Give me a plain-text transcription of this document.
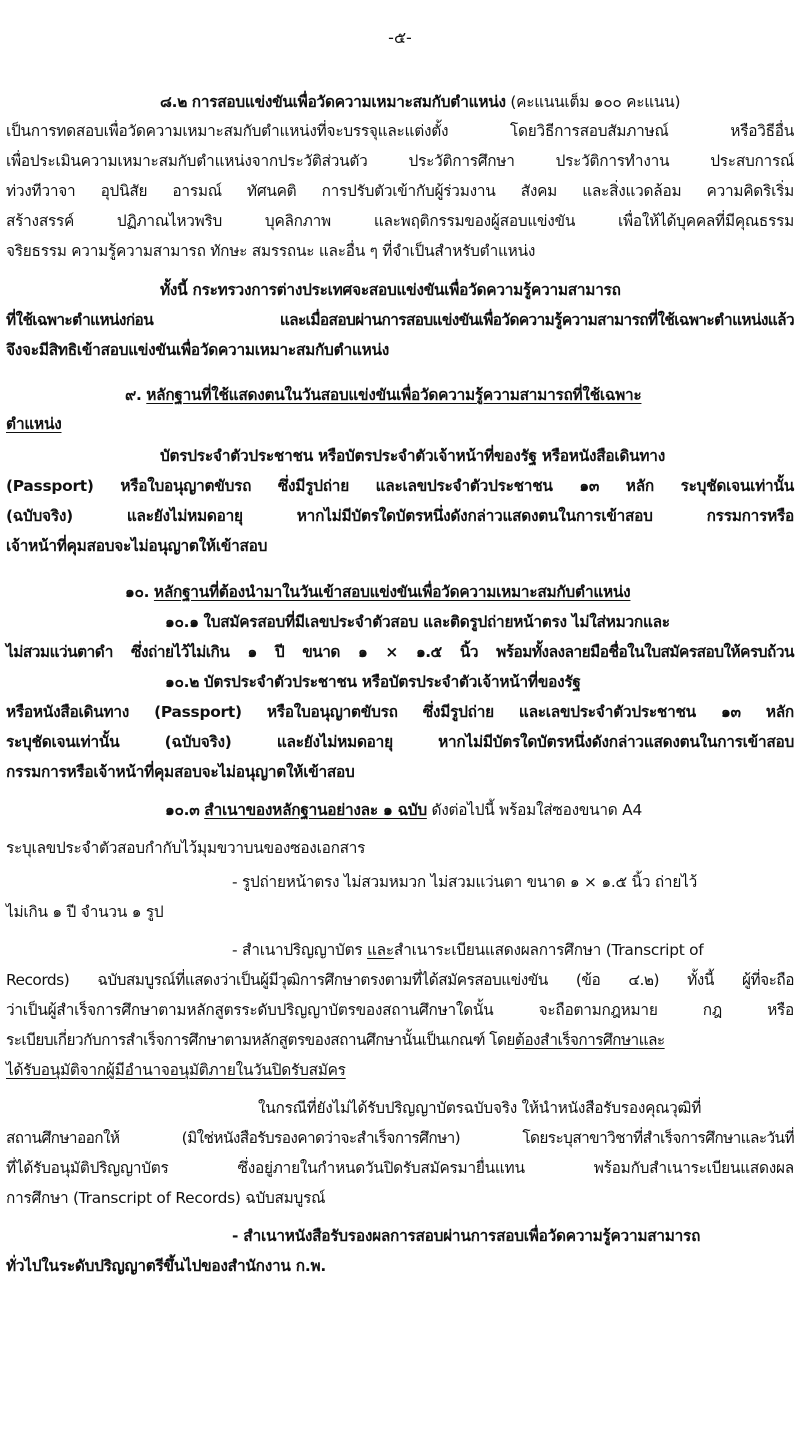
-๕-
๘.๒ การสอบแข่งขันเพื่อวัดความเหมาะสมกับตำแหน่ง (คะแนนเต็ม ๑๐๐ คะแนน)
เป็นการทดสอบเพื่อวัดความเหมาะสมกับตำแหน่งที่จะบรรจุและแต่งตั้ง โดยวิธีการสอบสัมภาษณ์ หรือวิธีอื่น
เพื่อประเมินความเหมาะสมกับตำแหน่งจากประวัติส่วนตัว ประวัติการศึกษา ประวัติการทำงาน ประสบการณ์
ท่วงทีวาจา อุปนิสัย อารมณ์ ทัศนคติ การปรับตัวเข้ากับผู้ร่วมงาน สังคม และสิ่งแวดล้อม ความคิดริเริ่ม
สร้างสรรค์ ปฏิภาณไหวพริบ บุคลิกภาพ และพฤติกรรมของผู้สอบแข่งขัน เพื่อให้ได้บุคคลที่มีคุณธรรม
จริยธรรม ความรู้ความสามารถ ทักษะ สมรรถนะ และอื่น ๆ ที่จำเป็นสำหรับตำแหน่ง
ทั้งนี้ กระทรวงการต่างประเทศจะสอบแข่งขันเพื่อวัดความรู้ความสามารถ
ที่ใช้เฉพาะตำแหน่งก่อน และเมื่อสอบผ่านการสอบแข่งขันเพื่อวัดความรู้ความสามารถที่ใช้เฉพาะตำแหน่งแล้ว
จึงจะมีสิทธิเข้าสอบแข่งขันเพื่อวัดความเหมาะสมกับตำแหน่ง
๙. หลักฐานที่ใช้แสดงตนในวันสอบแข่งขันเพื่อวัดความรู้ความสามารถที่ใช้เฉพาะ
ตำแหน่ง
บัตรประจำตัวประชาชน หรือบัตรประจำตัวเจ้าหน้าที่ของรัฐ หรือหนังสือเดินทาง
(Passport) หรือใบอนุญาตขับรถ ซึ่งมีรูปถ่าย และเลขประจำตัวประชาชน ๑๓ หลัก ระบุชัดเจนเท่านั้น
(ฉบับจริง) และยังไม่หมดอายุ หากไม่มีบัตรใดบัตรหนึ่งดังกล่าวแสดงตนในการเข้าสอบ กรรมการหรือ
เจ้าหน้าที่คุมสอบจะไม่อนุญาตให้เข้าสอบ
๑๐. หลักฐานที่ต้องนำมาในวันเข้าสอบแข่งขันเพื่อวัดความเหมาะสมกับตำแหน่ง
๑๐.๑ ใบสมัครสอบที่มีเลขประจำตัวสอบ และติดรูปถ่ายหน้าตรง ไม่ใส่หมวกและ
ไม่สวมแว่นตาดำ ซึ่งถ่ายไว้ไม่เกิน ๑ ปี ขนาด ๑ × ๑.๕ นิ้ว พร้อมทั้งลงลายมือชื่อในใบสมัครสอบให้ครบถ้วน
๑๐.๒ บัตรประจำตัวประชาชน หรือบัตรประจำตัวเจ้าหน้าที่ของรัฐ
หรือหนังสือเดินทาง (Passport) หรือใบอนุญาตขับรถ ซึ่งมีรูปถ่าย และเลขประจำตัวประชาชน ๑๓ หลัก
ระบุชัดเจนเท่านั้น (ฉบับจริง) และยังไม่หมดอายุ หากไม่มีบัตรใดบัตรหนึ่งดังกล่าวแสดงตนในการเข้าสอบ
กรรมการหรือเจ้าหน้าที่คุมสอบจะไม่อนุญาตให้เข้าสอบ
๑๐.๓ สำเนาของหลักฐานอย่างละ ๑ ฉบับ ดังต่อไปนี้ พร้อมใส่ซองขนาด A4
ระบุเลขประจำตัวสอบกำกับไว้มุมขวาบนของซองเอกสาร
- รูปถ่ายหน้าตรง ไม่สวมหมวก ไม่สวมแว่นตา ขนาด ๑ × ๑.๕ นิ้ว ถ่ายไว้
ไม่เกิน ๑ ปี จำนวน ๑ รูป
- สำเนาปริญญาบัตร และสำเนาระเบียนแสดงผลการศึกษา (Transcript of
Records) ฉบับสมบูรณ์ที่แสดงว่าเป็นผู้มีวุฒิการศึกษาตรงตามที่ได้สมัครสอบแข่งขัน (ข้อ ๔.๒) ทั้งนี้ ผู้ที่จะถือ
ว่าเป็นผู้สำเร็จการศึกษาตามหลักสูตรระดับปริญญาบัตรของสถานศึกษาใดนั้น จะถือตามกฎหมาย กฎ หรือ
ระเบียบเกี่ยวกับการสำเร็จการศึกษาตามหลักสูตรของสถานศึกษานั้นเป็นเกณฑ์ โดยต้องสำเร็จการศึกษาและ
ได้รับอนุมัติจากผู้มีอำนาจอนุมัติภายในวันปิดรับสมัคร
ในกรณีที่ยังไม่ได้รับปริญญาบัตรฉบับจริง ให้นำหนังสือรับรองคุณวุฒิที่
สถานศึกษาออกให้ (มิใช่หนังสือรับรองคาดว่าจะสำเร็จการศึกษา) โดยระบุสาขาวิชาที่สำเร็จการศึกษาและวันที่
ที่ได้รับอนุมัติปริญญาบัตร ซึ่งอยู่ภายในกำหนดวันปิดรับสมัครมายื่นแทน พร้อมกับสำเนาระเบียนแสดงผล
การศึกษา (Transcript of Records) ฉบับสมบูรณ์
- สำเนาหนังสือรับรองผลการสอบผ่านการสอบเพื่อวัดความรู้ความสามารถ
ทั่วไปในระดับปริญญาตรีขึ้นไปของสำนักงาน ก.พ.
